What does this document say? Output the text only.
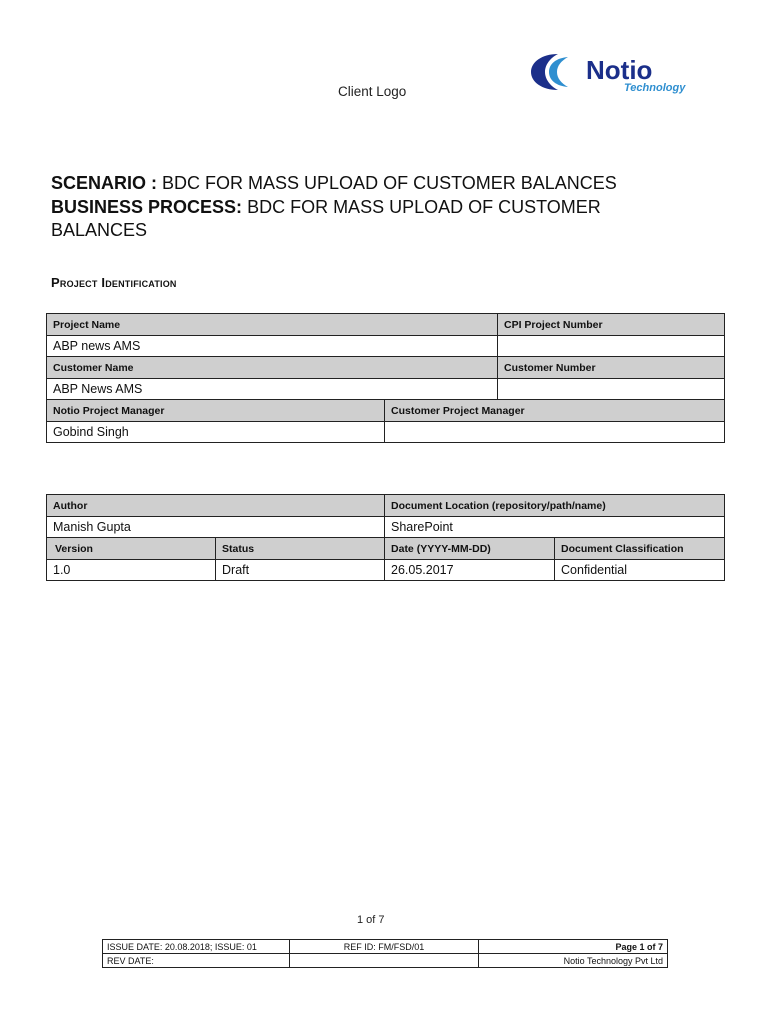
Client Logo
Notio
Technology
SCENARIO : BDC FOR MASS UPLOAD OF CUSTOMER BALANCES
BUSINESS PROCESS: BDC FOR MASS UPLOAD OF CUSTOMER BALANCES
Project Identification
Project Name		CPI Project Number
ABP news AMS		
Customer Name		Customer Number
ABP News AMS		
Notio Project Manager	Customer Project Manager	
Gobind Singh		
Author		Document Location (repository/path/name)	
Manish Gupta		SharePoint	
Version	Status	Date (YYYY-MM-DD)	Document Classification
1.0	Draft	26.05.2017	Confidential
1 of 7
ISSUE DATE: 20.08.2018; ISSUE: 01	REF ID: FM/FSD/01	Page 1 of 7
REV DATE:		Notio Technology Pvt Ltd
